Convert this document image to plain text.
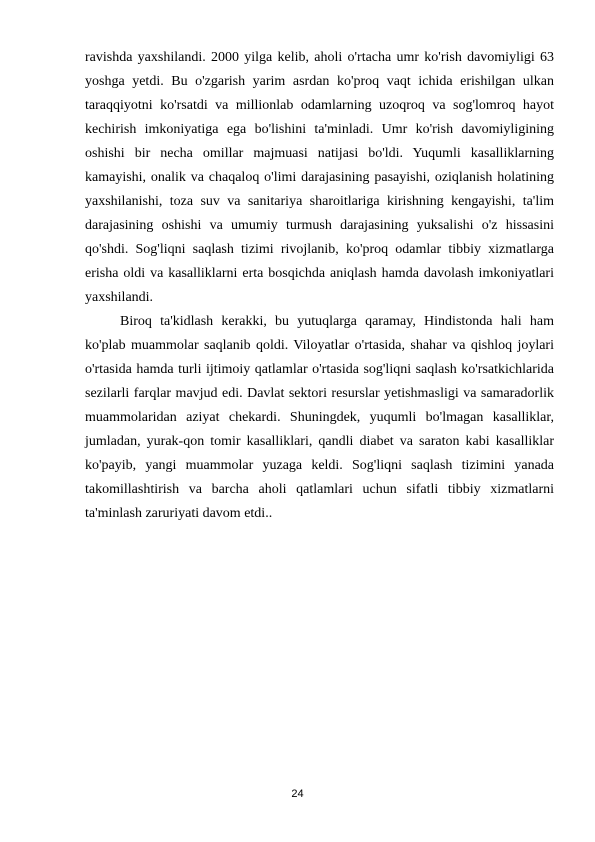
ravishda yaxshilandi. 2000 yilga kelib, aholi o'rtacha umr ko'rish davomiyligi 63 yoshga yetdi. Bu o'zgarish yarim asrdan ko'proq vaqt ichida erishilgan ulkan taraqqiyotni ko'rsatdi va millionlab odamlarning uzoqroq va sog'lomroq hayot kechirish imkoniyatiga ega bo'lishini ta'minladi. Umr ko'rish davomiyligining oshishi bir necha omillar majmuasi natijasi bo'ldi. Yuqumli kasalliklarning kamayishi, onalik va chaqaloq o'limi darajasining pasayishi, oziqlanish holatining yaxshilanishi, toza suv va sanitariya sharoitlariga kirishning kengayishi, ta'lim darajasining oshishi va umumiy turmush darajasining yuksalishi o'z hissasini qo'shdi. Sog'liqni saqlash tizimi rivojlanib, ko'proq odamlar tibbiy xizmatlarga erisha oldi va kasalliklarni erta bosqichda aniqlash hamda davolash imkoniyatlari yaxshilandi.

Biroq ta'kidlash kerakki, bu yutuqlarga qaramay, Hindistonda hali ham ko'plab muammolar saqlanib qoldi. Viloyatlar o'rtasida, shahar va qishloq joylari o'rtasida hamda turli ijtimoiy qatlamlar o'rtasida sog'liqni saqlash ko'rsatkichlarida sezilarli farqlar mavjud edi. Davlat sektori resurslar yetishmasligi va samaradorlik muammolaridan aziyat chekardi. Shuningdek, yuqumli bo'lmagan kasalliklar, jumladan, yurak-qon tomir kasalliklari, qandli diabet va saraton kabi kasalliklar ko'payib, yangi muammolar yuzaga keldi. Sog'liqni saqlash tizimini yanada takomillashtirish va barcha aholi qatlamlari uchun sifatli tibbiy xizmatlarni ta'minlash zaruriyati davom etdi..

24
